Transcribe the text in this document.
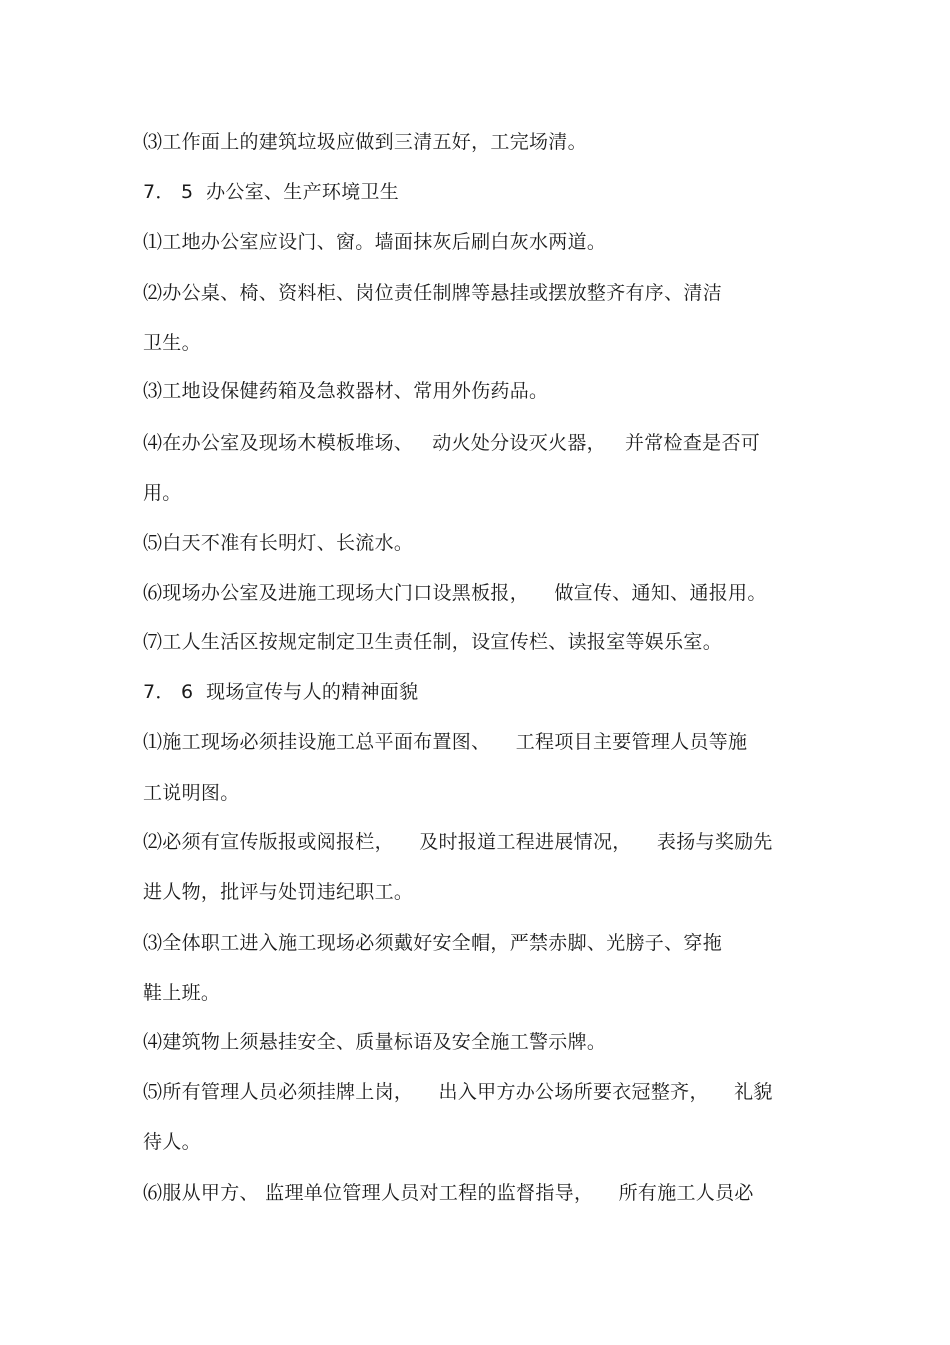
⑶工作面上的建筑垃圾应做到三清五好，工完场清。
7． 5  办公室、生产环境卫生
⑴工地办公室应设门、窗。墙面抹灰后刷白灰水两道。
⑵办公桌、椅、资料柜、岗位责任制牌等悬挂或摆放整齐有序、清洁
卫生。
⑶工地设保健药箱及急救器材、常用外伤药品。
⑷在办公室及现场木模板堆场、   动火处分设灭火器，   并常检查是否可
用。
⑸白天不准有长明灯、长流水。
⑹现场办公室及进施工现场大门口设黑板报，    做宣传、通知、通报用。
⑺工人生活区按规定制定卫生责任制，设宣传栏、读报室等娱乐室。
7． 6  现场宣传与人的精神面貌
⑴施工现场必须挂设施工总平面布置图、    工程项目主要管理人员等施
工说明图。
⑵必须有宣传版报或阅报栏，    及时报道工程进展情况，    表扬与奖励先
进人物，批评与处罚违纪职工。
⑶全体职工进入施工现场必须戴好安全帽，严禁赤脚、光膀子、穿拖
鞋上班。
⑷建筑物上须悬挂安全、质量标语及安全施工警示牌。
⑸所有管理人员必须挂牌上岗，    出入甲方办公场所要衣冠整齐，    礼貌
待人。
⑹服从甲方、 监理单位管理人员对工程的监督指导，    所有施工人员必
